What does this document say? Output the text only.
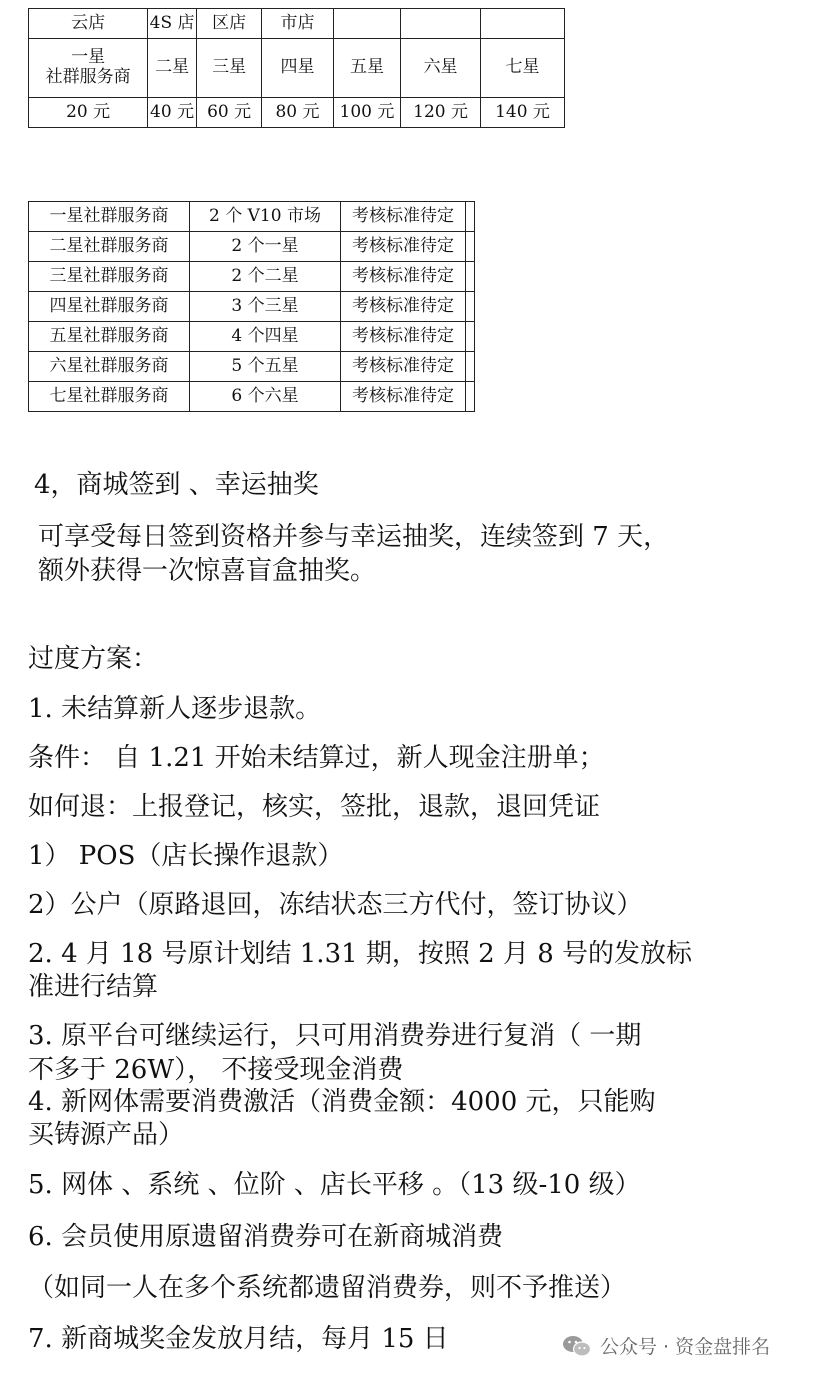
云店	4S 店	区店	市店			
一星
社群服务商	二星	三星	四星	五星	六星	七星
20 元	40 元	60 元	80 元	100 元	120 元	140 元
一星社群服务商	2 个 V10 市场	考核标准待定	
二星社群服务商	2 个一星	考核标准待定	
三星社群服务商	2 个二星	考核标准待定	
四星社群服务商	3 个三星	考核标准待定	
五星社群服务商	4 个四星	考核标准待定	
六星社群服务商	5 个五星	考核标准待定	
七星社群服务商	6 个六星	考核标准待定	
4，商城签到 、幸运抽奖
可享受每日签到资格并参与幸运抽奖，连续签到 7 天，
额外获得一次惊喜盲盒抽奖。
过度方案：
1. 未结算新人逐步退款。
条件： 自 1.21 开始未结算过，新人现金注册单；
如何退：上报登记，核实，签批，退款，退回凭证
1） POS（店长操作退款）
2）公户（原路退回，冻结状态三方代付，签订协议）
2. 4 月 18 号原计划结 1.31 期，按照 2 月 8 号的发放标
准进行结算
3. 原平台可继续运行，只可用消费券进行复消（ 一期
不多于 26W）， 不接受现金消费
4. 新网体需要消费激活（消费金额：4000 元，只能购
买铸源产品）
5. 网体 、系统 、位阶 、店长平移 。（13 级-10 级）
6. 会员使用原遗留消费券可在新商城消费
（如同一人在多个系统都遗留消费券，则不予推送）
7. 新商城奖金发放月结，每月 15 日	公众号 · 资金盘排名
